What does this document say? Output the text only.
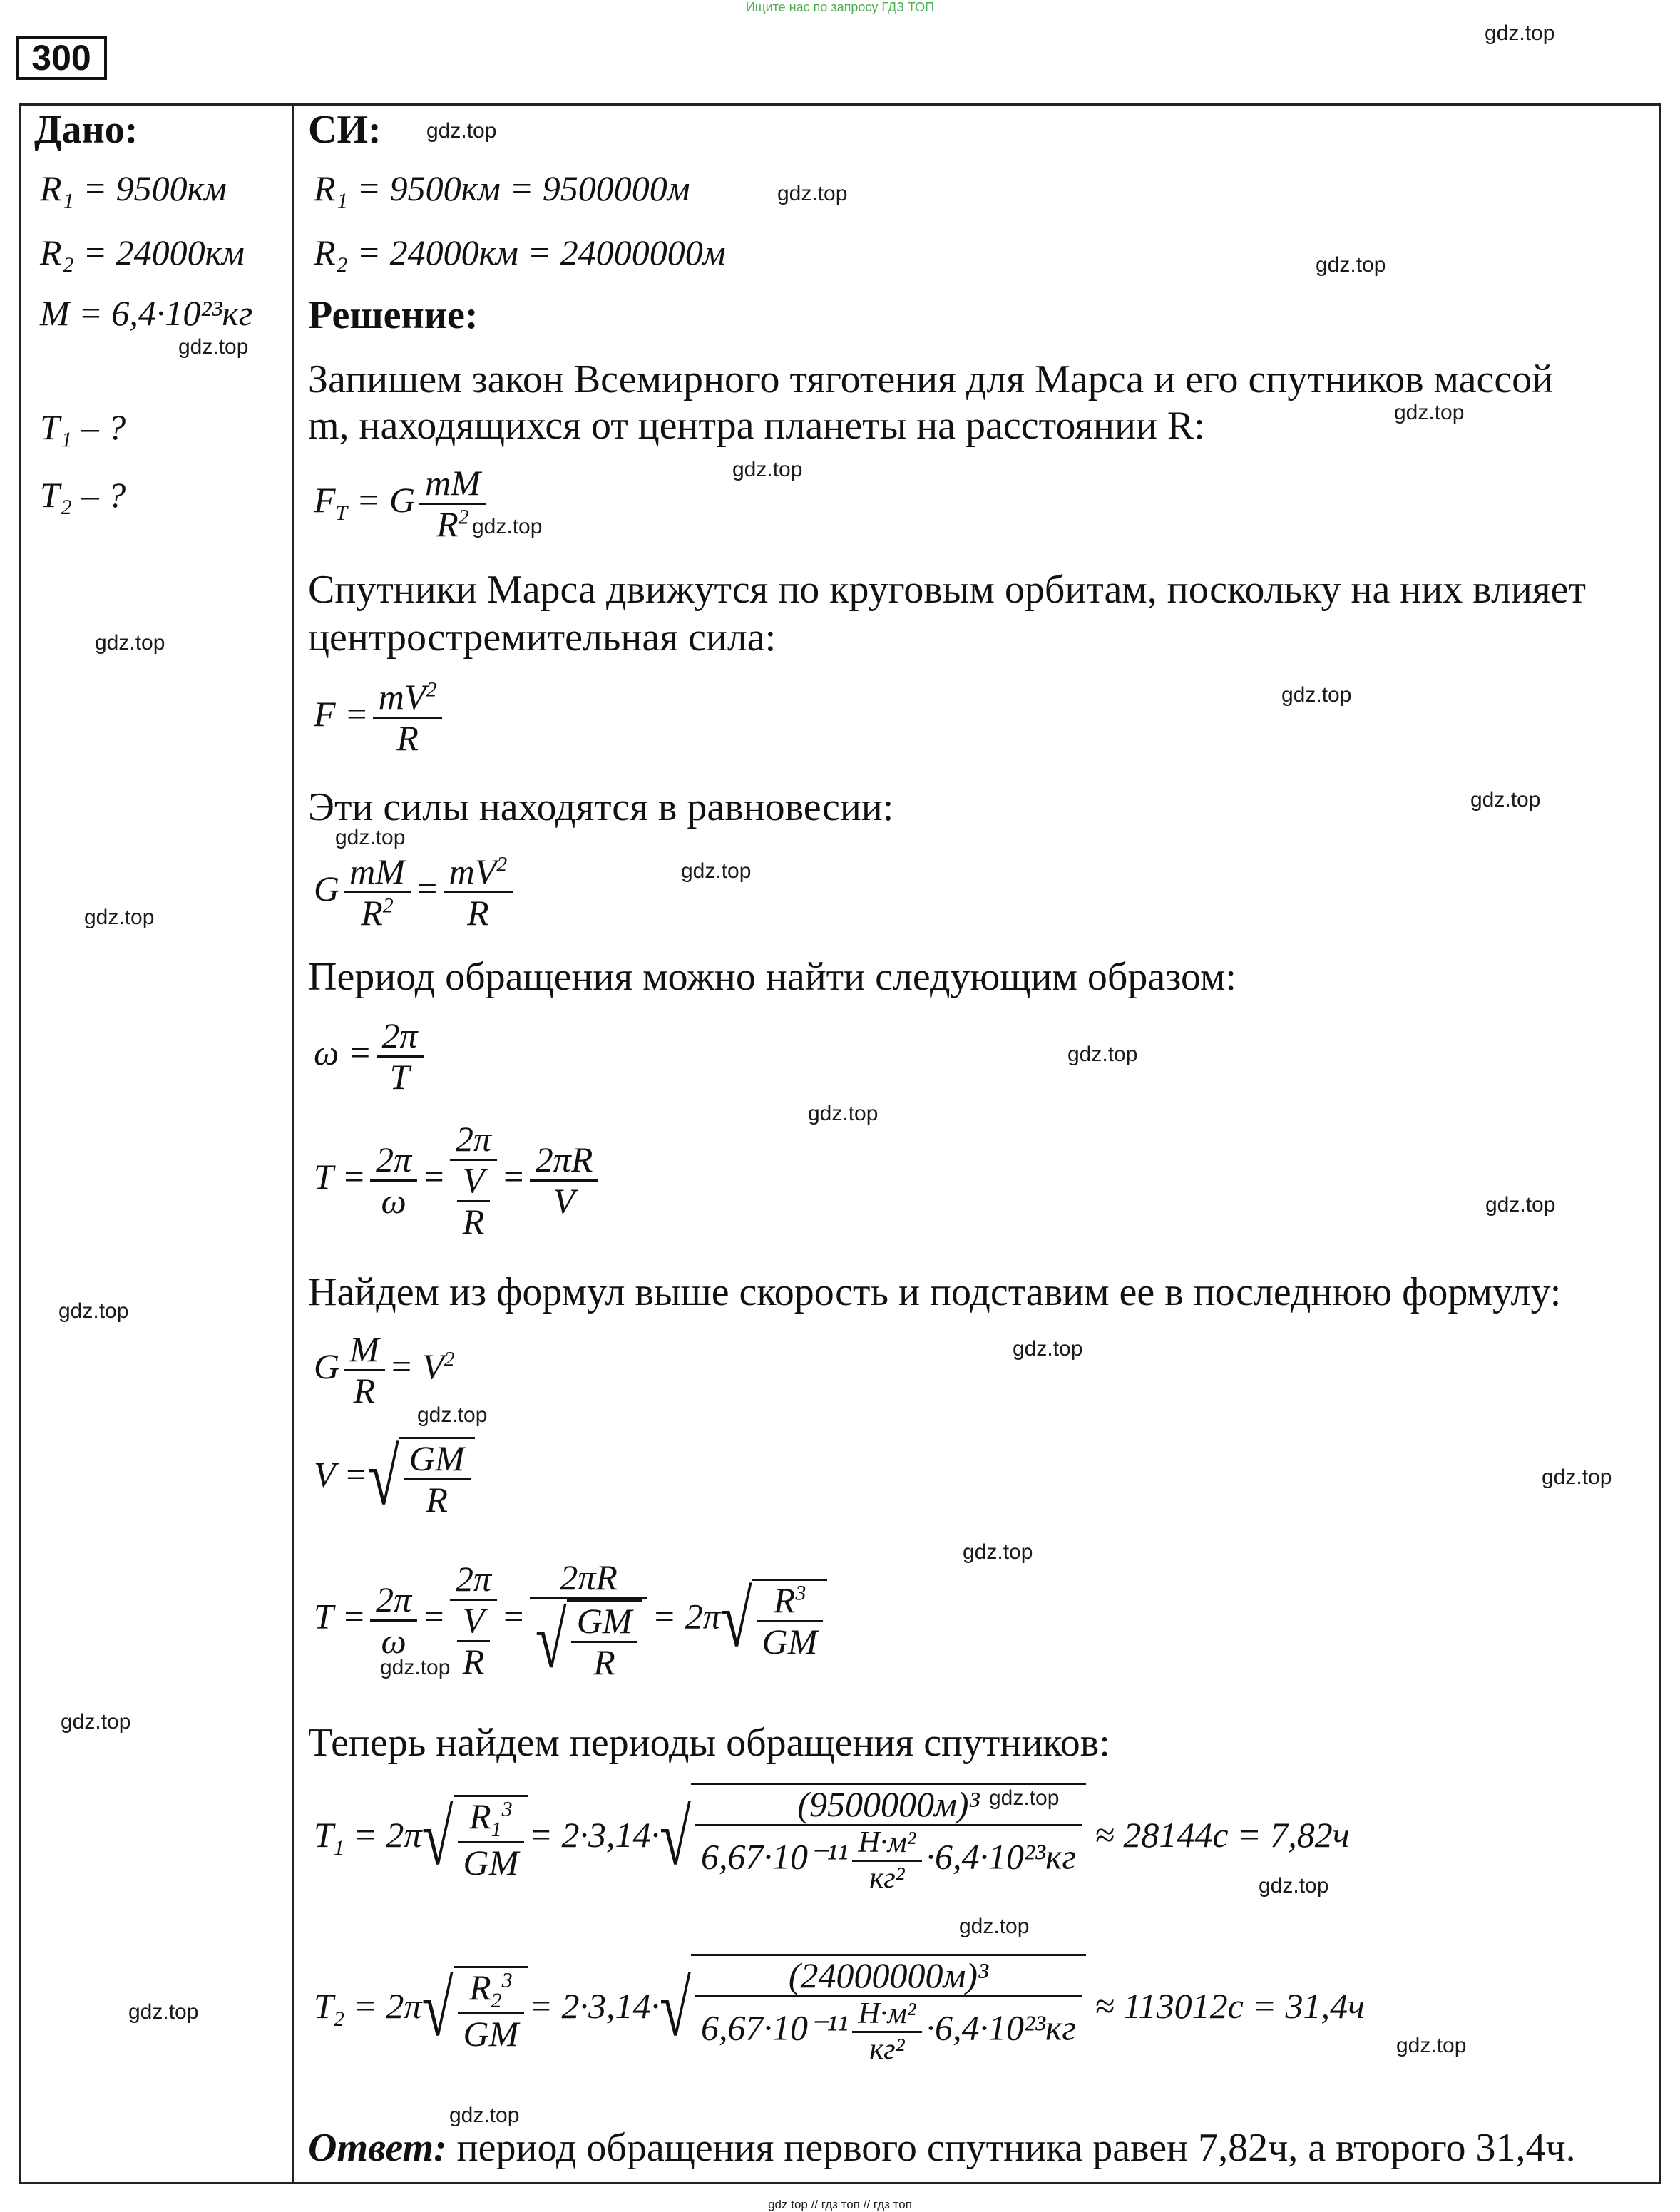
Ищите нас по запросу ГДЗ ТОП
300
Дано:
R₁ = 9500км
R₂ = 24000км
M = 6,4·10²³кг
T₁ – ?
T₂ – ?
СИ:
R₁ = 9500км = 9500000м
R₂ = 24000км = 24000000м
Решение:
Запишем закон Всемирного тяготения для Марса и его спутников массой
m, находящихся от центра планеты на расстоянии R:
$F_T = G \frac{mM}{R^2}$
Спутники Марса движутся по круговым орбитам, поскольку на них влияет
центростремительная сила:
$F = \frac{mV^2}{R}$
Эти силы находятся в равновесии:
G $\frac{mM}{R^2} = \frac{mV^2}{R}$
Период обращения можно найти следующим образом:
$\omega = \frac{2\pi}{T}$
$T = \frac{2\pi}{\omega} = \frac{2\pi}{\frac{V}{R}} = \frac{2\pi R}{V}$
Найдем из формул выше скорость и подставим ее в последнюю формулу:
G $\frac{M}{R} = V^2$
V =√ $\frac{GM}{R}$
$T = \frac{2\pi}{\omega} = \frac{2\pi}{\frac{V}{R}} = \frac{2\pi R}{√ \frac{GM}{R}} = 2\pi√ \frac{R^3}{GM}$
Теперь найдем периоды обращения спутников:
$T_1 = 2\pi√ \frac{R_1^3}{GM} = 2\cdot 3,14\cdot√ \frac{\text{(9500000м)³}}{6,67\cdot 10^{-11} \frac{\text{Н·м²}}{\text{кг²}} \cdot 6,4\cdot 10^{23}кг} \approx 28144с = 7,82ч$
$T_2 = 2\pi√ \frac{R_2^3}{GM} = 2\cdot 3,14\cdot√ \frac{\text{(24000000м)³}}{6,67\cdot 10^{-11} \frac{\text{Н·м²}}{\text{кг²}} \cdot 6,4\cdot 10^{23}кг} \approx 113012с = 31,4ч$
Ответ: период обращения первого спутника равен 7,82ч, а второго 31,4ч.
gdz.top
gdz.top
gdz.top
gdz.top
gdz.top
gdz.top
gdz.top
gdz.top
gdz.top
gdz.top
gdz.top
gdz.top
gdz.top
gdz.top
gdz.top
gdz.top
gdz.top
gdz.top
gdz.top
gdz.top
gdz.top
gdz.top
gdz.top
gdz.top
gdz.top
gdz.top
gdz.top
gdz.top
gdz.top
gdz.top
gdz top // гдз топ // гдз топ
